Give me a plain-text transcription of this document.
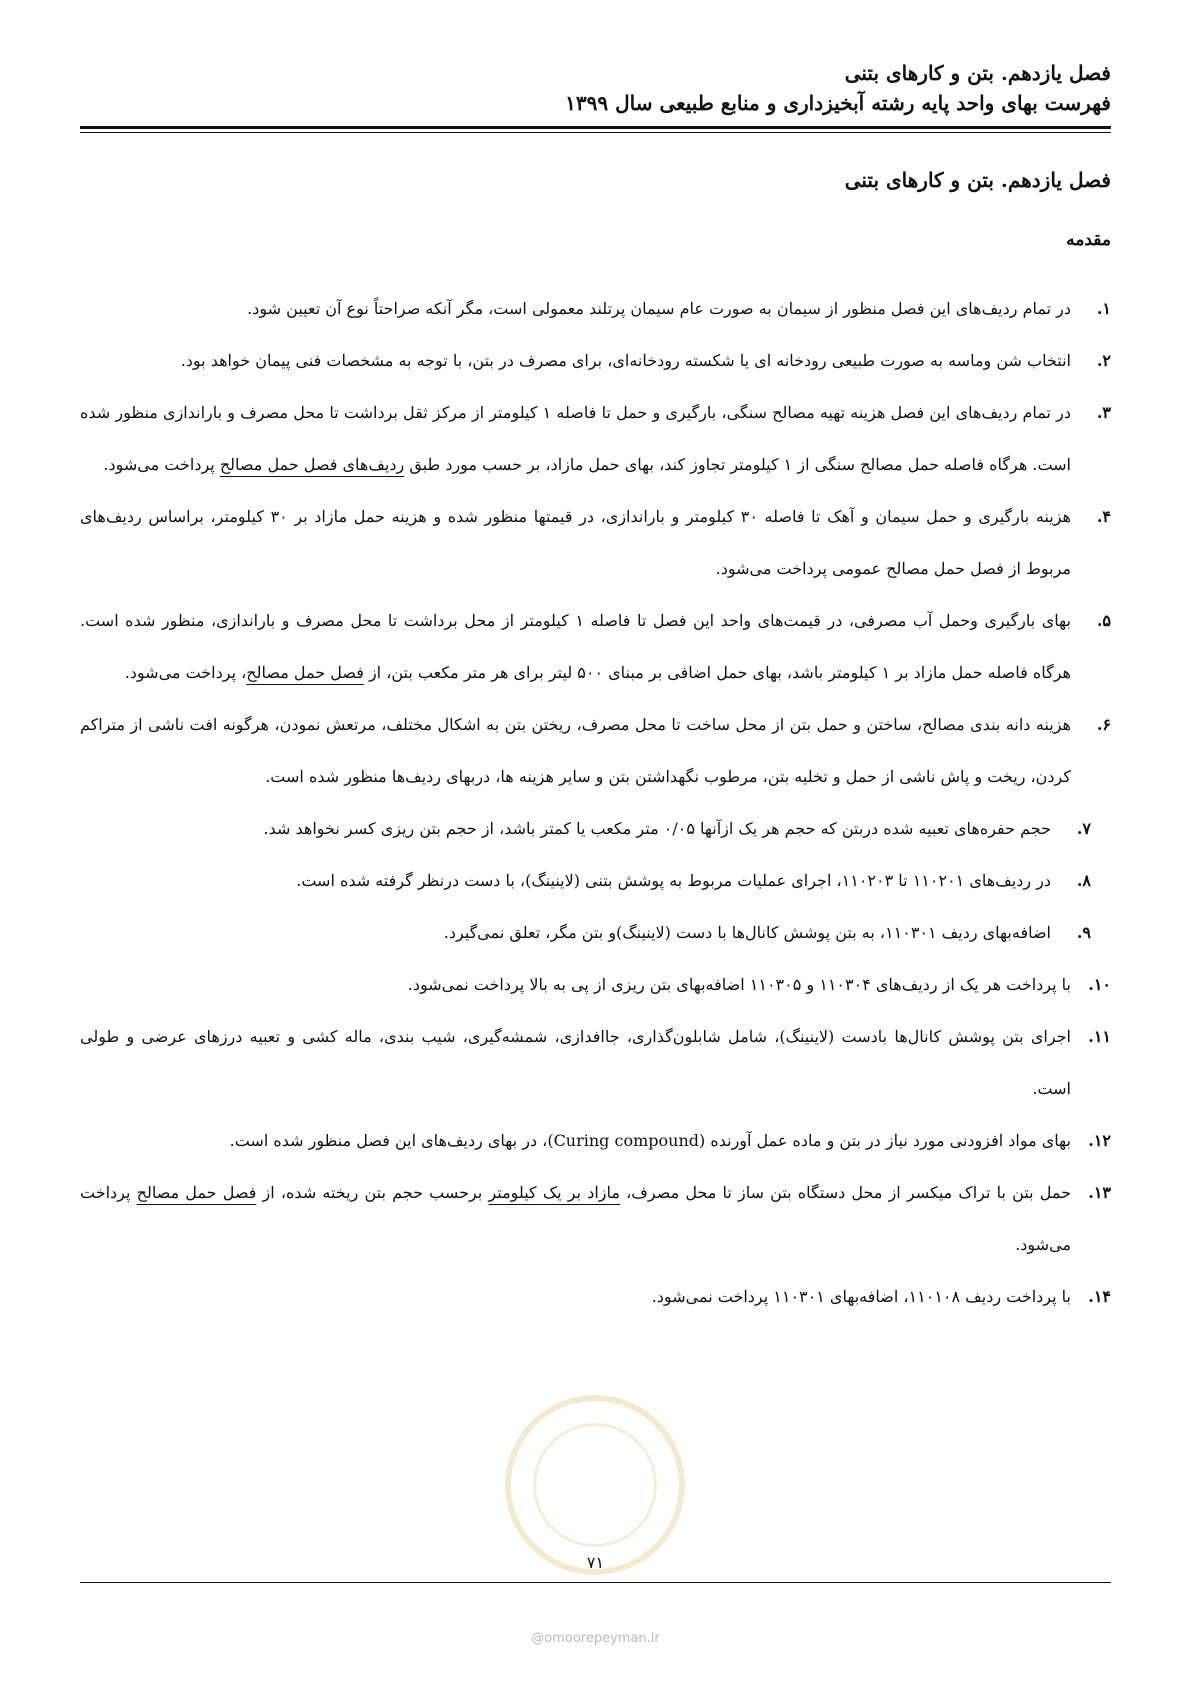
فصل یازدهم. بتن و کارهای بتنی
فهرست بهای واحد پایه رشته آبخیزداری و منابع طبیعی سال ۱۳۹۹
فصل یازدهم. بتن و کارهای بتنی
مقدمه
۱.
در تمام ردیف‌های این فصل منظور از سیمان به صورت عام سیمان پرتلند معمولی است، مگر آنکه صراحتاً نوع آن تعیین شود.
۲.
انتخاب شن وماسه به صورت طبیعی رودخانه ای یا شکسته رودخانه‌ای، برای مصرف در بتن، با توجه به مشخصات فنی پیمان خواهد بود.
۳.
در تمام ردیف‌های این فصل هزینه تهیه مصالح سنگی، بارگیری و حمل تا فاصله ۱ کیلومتر از مرکز ثقل برداشت تا محل مصرف و باراندازی منظور شده است. هرگاه فاصله حمل مصالح سنگی از ۱ کیلومتر تجاوز کند، بهای حمل مازاد، بر حسب مورد طبق ردیف‌های فصل حمل مصالح پرداخت می‌شود.
۴.
هزینه بارگیری و حمل سیمان و آهک تا فاصله ۳۰ کیلومتر و باراندازی، در قیمتها منظور شده و هزینه حمل مازاد بر ۳۰ کیلومتر، براساس ردیف‌های مربوط از فصل حمل مصالح عمومی پرداخت می‌شود.
۵.
بهای بارگیری وحمل آب مصرفی، در قیمت‌های واحد این فصل تا فاصله ۱ کیلومتر از محل برداشت تا محل مصرف و باراندازی، منظور شده است. هرگاه فاصله حمل مازاد بر ۱ کیلومتر باشد، بهای حمل اضافی بر مبنای ۵۰۰ لیتر برای هر متر مکعب بتن، از فصل حمل مصالح، پرداخت می‌شود.
۶.
هزینه دانه بندی مصالح، ساختن و حمل بتن از محل ساخت تا محل مصرف، ریختن بتن به اشکال مختلف، مرتعش نمودن، هرگونه افت ناشی از متراکم کردن، ریخت و پاش ناشی از حمل و تخلیه بتن، مرطوب نگهداشتن بتن و سایر هزینه ها، دربهای ردیف‌ها منظور شده است.
۷.
حجم حفره‌های تعبیه شده دربتن که حجم هر یک ازآنها ۰/۰۵ متر مکعب یا کمتر باشد، از حجم بتن ریزی کسر نخواهد شد.
۸.
در ردیف‌های ۱۱۰۲۰۱ تا ۱۱۰۲۰۳، اجرای عملیات مربوط به پوشش بتنی (لاینینگ)، با دست درنظر گرفته شده است.
۹.
اضافه‌بهای ردیف ۱۱۰۳۰۱، به بتن پوشش کانال‌ها با دست (لاینینگ)و بتن مگر، تعلق نمی‌گیرد.
۱۰.
با پرداخت هر یک از ردیف‌های ۱۱۰۳۰۴ و ۱۱۰۳۰۵ اضافه‌بهای بتن ریزی از پی به بالا پرداخت نمی‌شود.
۱۱.
اجرای بتن پوشش کانال‌ها بادست (لاینینگ)، شامل شابلون‌گذاری، جاافدازی، شمشه‌گیری، شیب بندی، ماله کشی و تعبیه درزهای عرضی و طولی است.
۱۲.
بهای مواد افزودنی مورد نیاز در بتن و ماده عمل آورنده (Curing compound)، در بهای ردیف‌های این فصل منظور شده است.
۱۳.
حمل بتن با تراک میکسر از محل دستگاه بتن ساز تا محل مصرف، مازاد بر یک کیلومتر برحسب حجم بتن ریخته شده، از فصل حمل مصالح پرداخت می‌شود.
۱۴.
با پرداخت ردیف ۱۱۰۱۰۸، اضافه‌بهای ۱۱۰۳۰۱ پرداخت نمی‌شود.
۷۱
@omoorepeyman.ir
